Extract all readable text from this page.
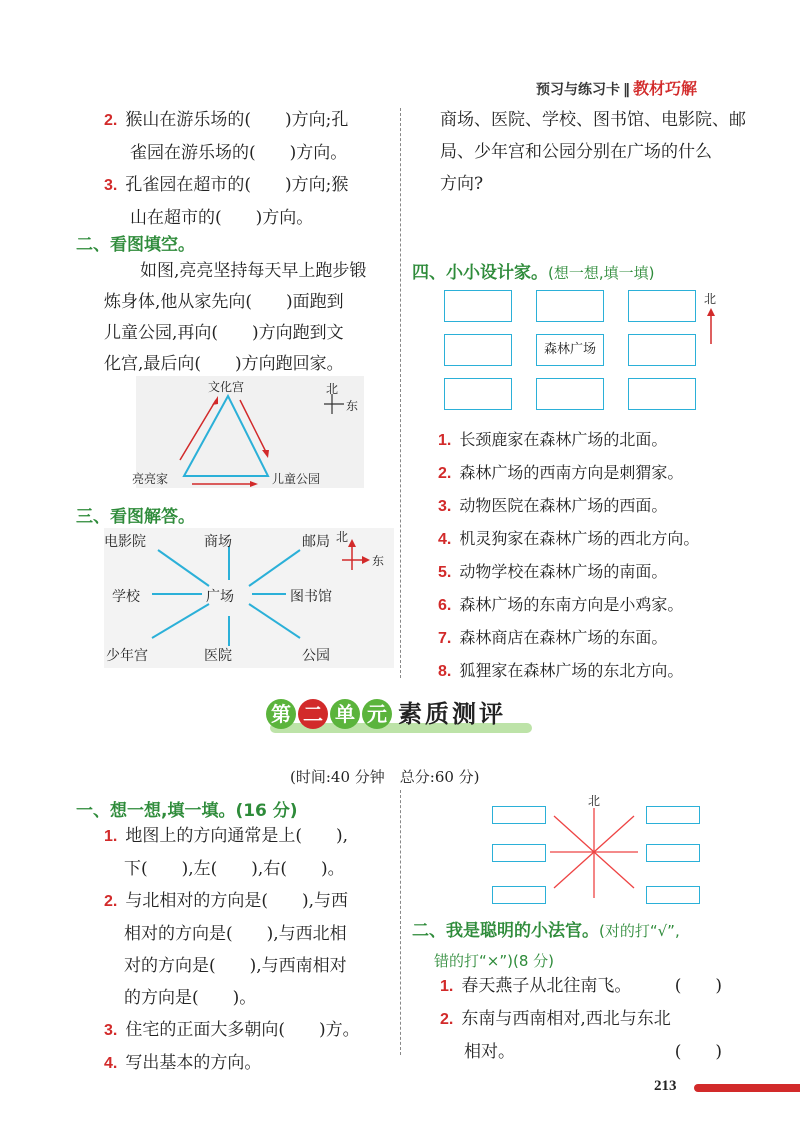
预习与练习卡 ‖ 教材巧解
2. 猴山在游乐场的(　　)方向;孔
雀园在游乐场的(　　)方向。
3. 孔雀园在超市的(　　)方向;猴
山在超市的(　　)方向。
二、看图填空。
如图,亮亮坚持每天早上跑步锻
炼身体,他从家先向(　　)面跑到
儿童公园,再向(　　)方向跑到文
化宫,最后向(　　)方向跑回家。
文化宫
亮亮家	儿童公园
北
东
三、看图解答。
电影院	商场	邮局
学校	广场	图书馆
少年宫	医院	公园
北
东
商场、医院、学校、图书馆、电影院、邮
局、少年宫和公园分别在广场的什么
方向?
四、小小设计家。(想一想,填一填)
森林广场
北
1. 长颈鹿家在森林广场的北面。
2. 森林广场的西南方向是刺猬家。
3. 动物医院在森林广场的西面。
4. 机灵狗家在森林广场的西北方向。
5. 动物学校在森林广场的南面。
6. 森林广场的东南方向是小鸡家。
7. 森林商店在森林广场的东面。
8. 狐狸家在森林广场的东北方向。
第 二 单 元 素质测评
(时间:40 分钟　总分:60 分)
一、想一想,填一填。(16 分)
1. 地图上的方向通常是上(　　),
下(　　),左(　　),右(　　)。
2. 与北相对的方向是(　　),与西
相对的方向是(　　),与西北相
对的方向是(　　),与西南相对
的方向是(　　)。
3. 住宅的正面大多朝向(　　)方。
4. 写出基本的方向。
北
二、我是聪明的小法官。(对的打“√”,
错的打“×”)(8 分)
1. 春天燕子从北往南飞。	(　　)
2. 东南与西南相对,西北与东北
相对。	(　　)
213
